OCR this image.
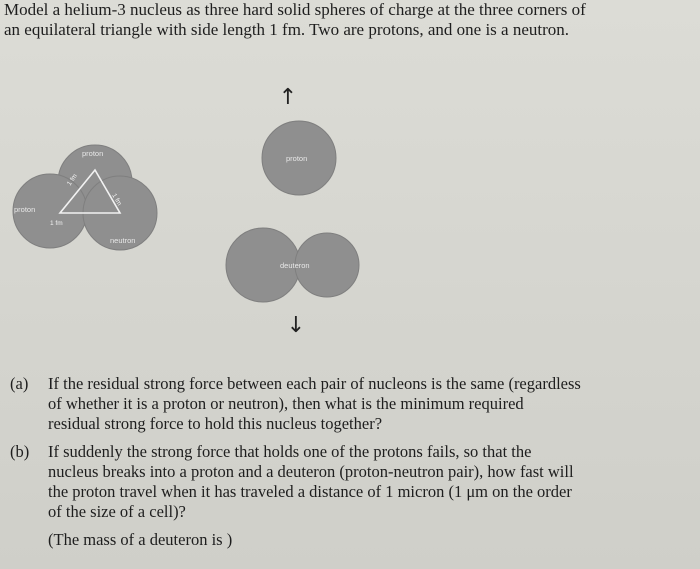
Model a helium-3 nucleus as three hard solid spheres of charge at the three corners of
an equilateral triangle with side length 1 fm. Two are protons, and one is a neutron.
proton
proton
neutron
1 fm
1 fm
1 fm
↑
proton
deuteron
↓
(a) If the residual strong force between each pair of nucleons is the same (regardless
of whether it is a proton or neutron), then what is the minimum required
residual strong force to hold this nucleus together?
(b) If suddenly the strong force that holds one of the protons fails, so that the
nucleus breaks into a proton and a deuteron (proton-neutron pair), how fast will
the proton travel when it has traveled a distance of 1 micron (1 μm on the order
of the size of a cell)?
(The mass of a deuteron is )
